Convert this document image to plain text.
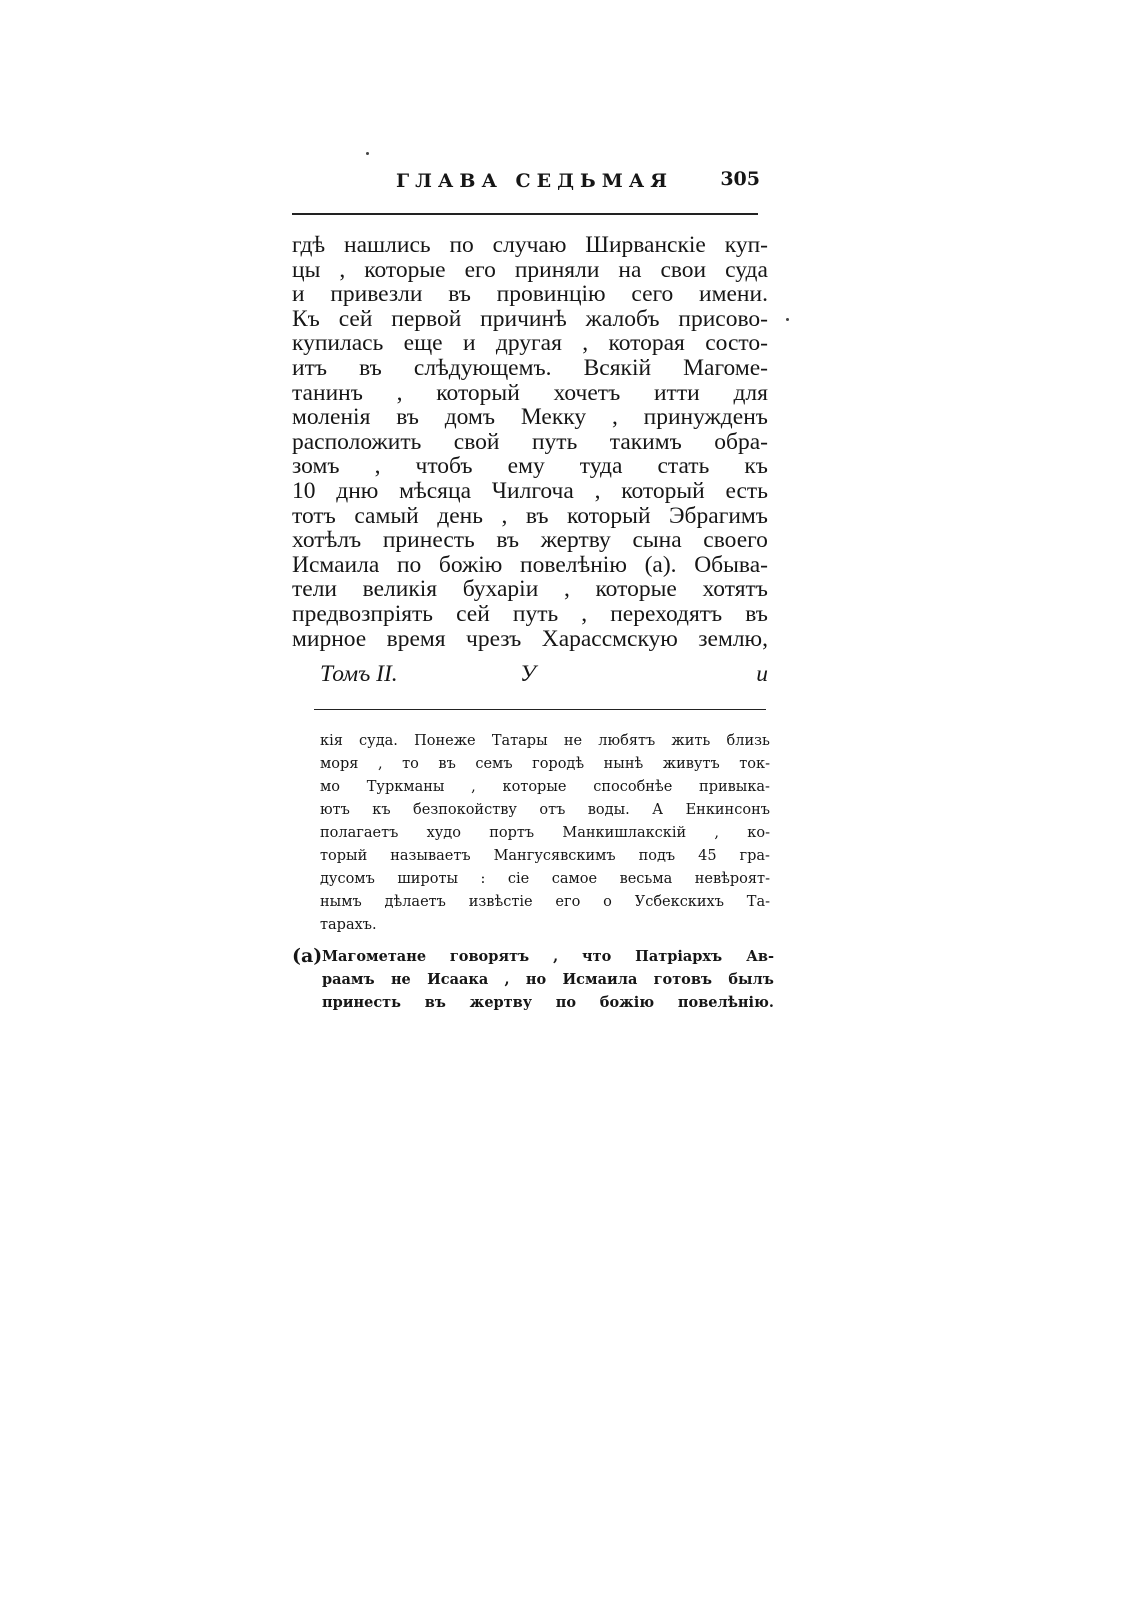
ГЛАВА СЕДЬМАЯ 305
гдѣ нашлись по случаю Ширванскіе куп-
цы , которые его приняли на свои суда
и привезли въ провинцію сего имени.
Къ сей первой причинѣ жалобъ присово-
купилась еще и другая , которая состо-
итъ въ слѣдующемъ. Всякій Магоме-
танинъ , который хочетъ итти для
моленія въ домъ Мекку , принужденъ
расположить свой путь такимъ обра-
зомъ , чтобъ ему туда стать къ
10 дню мѣсяца Чилгоча , который есть
тотъ самый день , въ который Эбрагимъ
хотѣлъ принесть въ жертву сына своего
Исмаила по божію повелѣнію (а). Обыва-
тели великія бухаріи , которые хотятъ
предвозпріять сей путь , переходятъ въ
мирное время чрезъ Харассмскую землю,
Томъ II.	У	и
кія суда. Понеже Татары не любятъ жить близь
моря , то въ семъ городѣ нынѣ живутъ ток-
мо Туркманы , которые способнѣе привыка-
ютъ къ безпокойству отъ воды. А Енкинсонъ
полагаетъ худо портъ Манкишлакскій , ко-
торый называетъ Мангусявскимъ подъ 45 гра-
дусомъ широты : сіе самое весьма невѣроят-
нымъ дѣлаетъ извѣстіе его о Усбекскихъ Та-
тарахъ.
(а) Магометане говорятъ , что Патріархъ Ав-
раамъ не Исаака , но Исмаила готовъ былъ
принесть въ жертву по божію повелѣнію.
